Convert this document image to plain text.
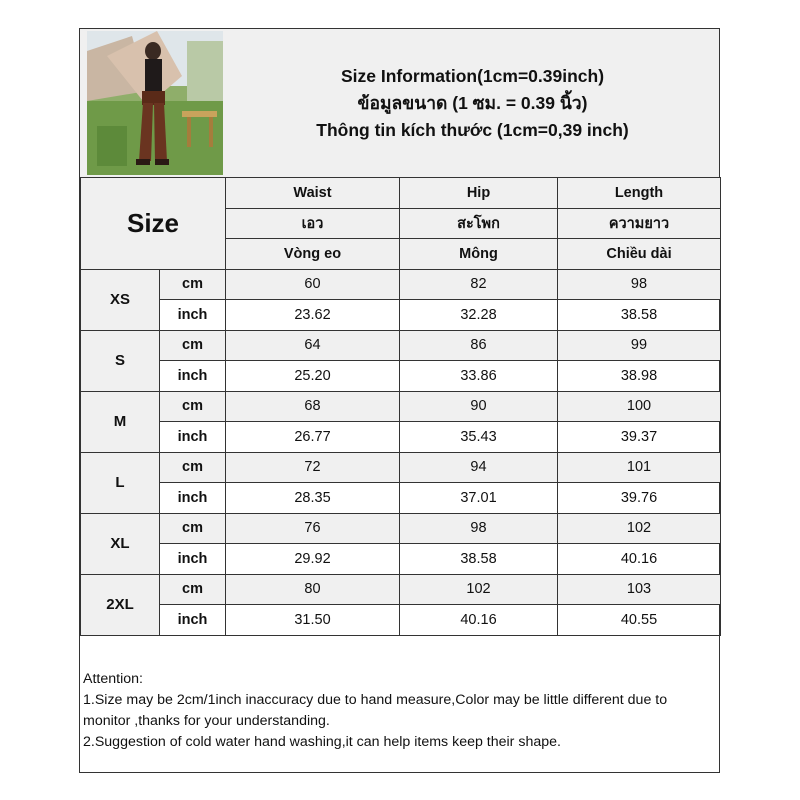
Size Information(1cm=0.39inch)
ข้อมูลขนาด (1 ซม. = 0.39 นิ้ว)
Thông tin kích thước (1cm=0,39 inch)
Size		Waist	Hip	Length
		เอว	สะโพก	ความยาว
		Vòng eo	Mông	Chiều dài
XS	cm	60	82	98
	inch	23.62	32.28	38.58
S	cm	64	86	99
	inch	25.20	33.86	38.98
M	cm	68	90	100
	inch	26.77	35.43	39.37
L	cm	72	94	101
	inch	28.35	37.01	39.76
XL	cm	76	98	102
	inch	29.92	38.58	40.16
2XL	cm	80	102	103
	inch	31.50	40.16	40.55
Attention:
1.Size may be 2cm/1inch inaccuracy due to hand measure,Color may be little different due to monitor ,thanks for your understanding.
2.Suggestion of cold water hand washing,it can help items keep their shape.
